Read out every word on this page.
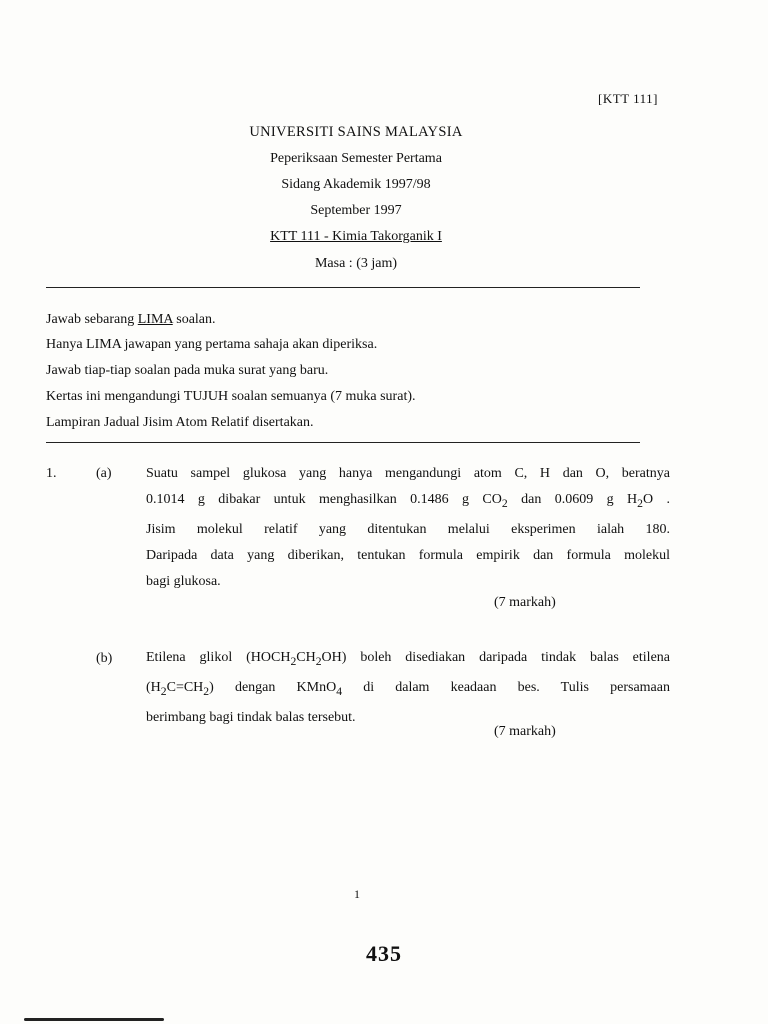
[KTT 111]
UNIVERSITI SAINS MALAYSIA
Peperiksaan Semester Pertama
Sidang Akademik 1997/98
September 1997
KTT 111 - Kimia Takorganik I
Masa : (3 jam)
Jawab sebarang LIMA soalan.
Hanya LIMA jawapan yang pertama sahaja akan diperiksa.
Jawab tiap-tiap soalan pada muka surat yang baru.
Kertas ini mengandungi TUJUH soalan semuanya (7 muka surat).
Lampiran Jadual Jisim Atom Relatif disertakan.
1.	(a) Suatu sampel glukosa yang hanya mengandungi atom C, H dan O, beratnya
0.1014 g dibakar untuk menghasilkan 0.1486 g $CO_2$ dan 0.0609 g $H_2O$ .
Jisim molekul relatif yang ditentukan melalui eksperimen ialah 180.
Daripada data yang diberikan, tentukan formula empirik dan formula molekul
bagi glukosa.
(7 markah)
(b) Etilena glikol $(HOCH_2CH_2OH)$ boleh disediakan daripada tindak balas etilena
$(H_2C=CH_2)$ dengan KMnO$_4$ di dalam keadaan bes. Tulis persamaan
berimbang bagi tindak balas tersebut.
(7 markah)
1
435
